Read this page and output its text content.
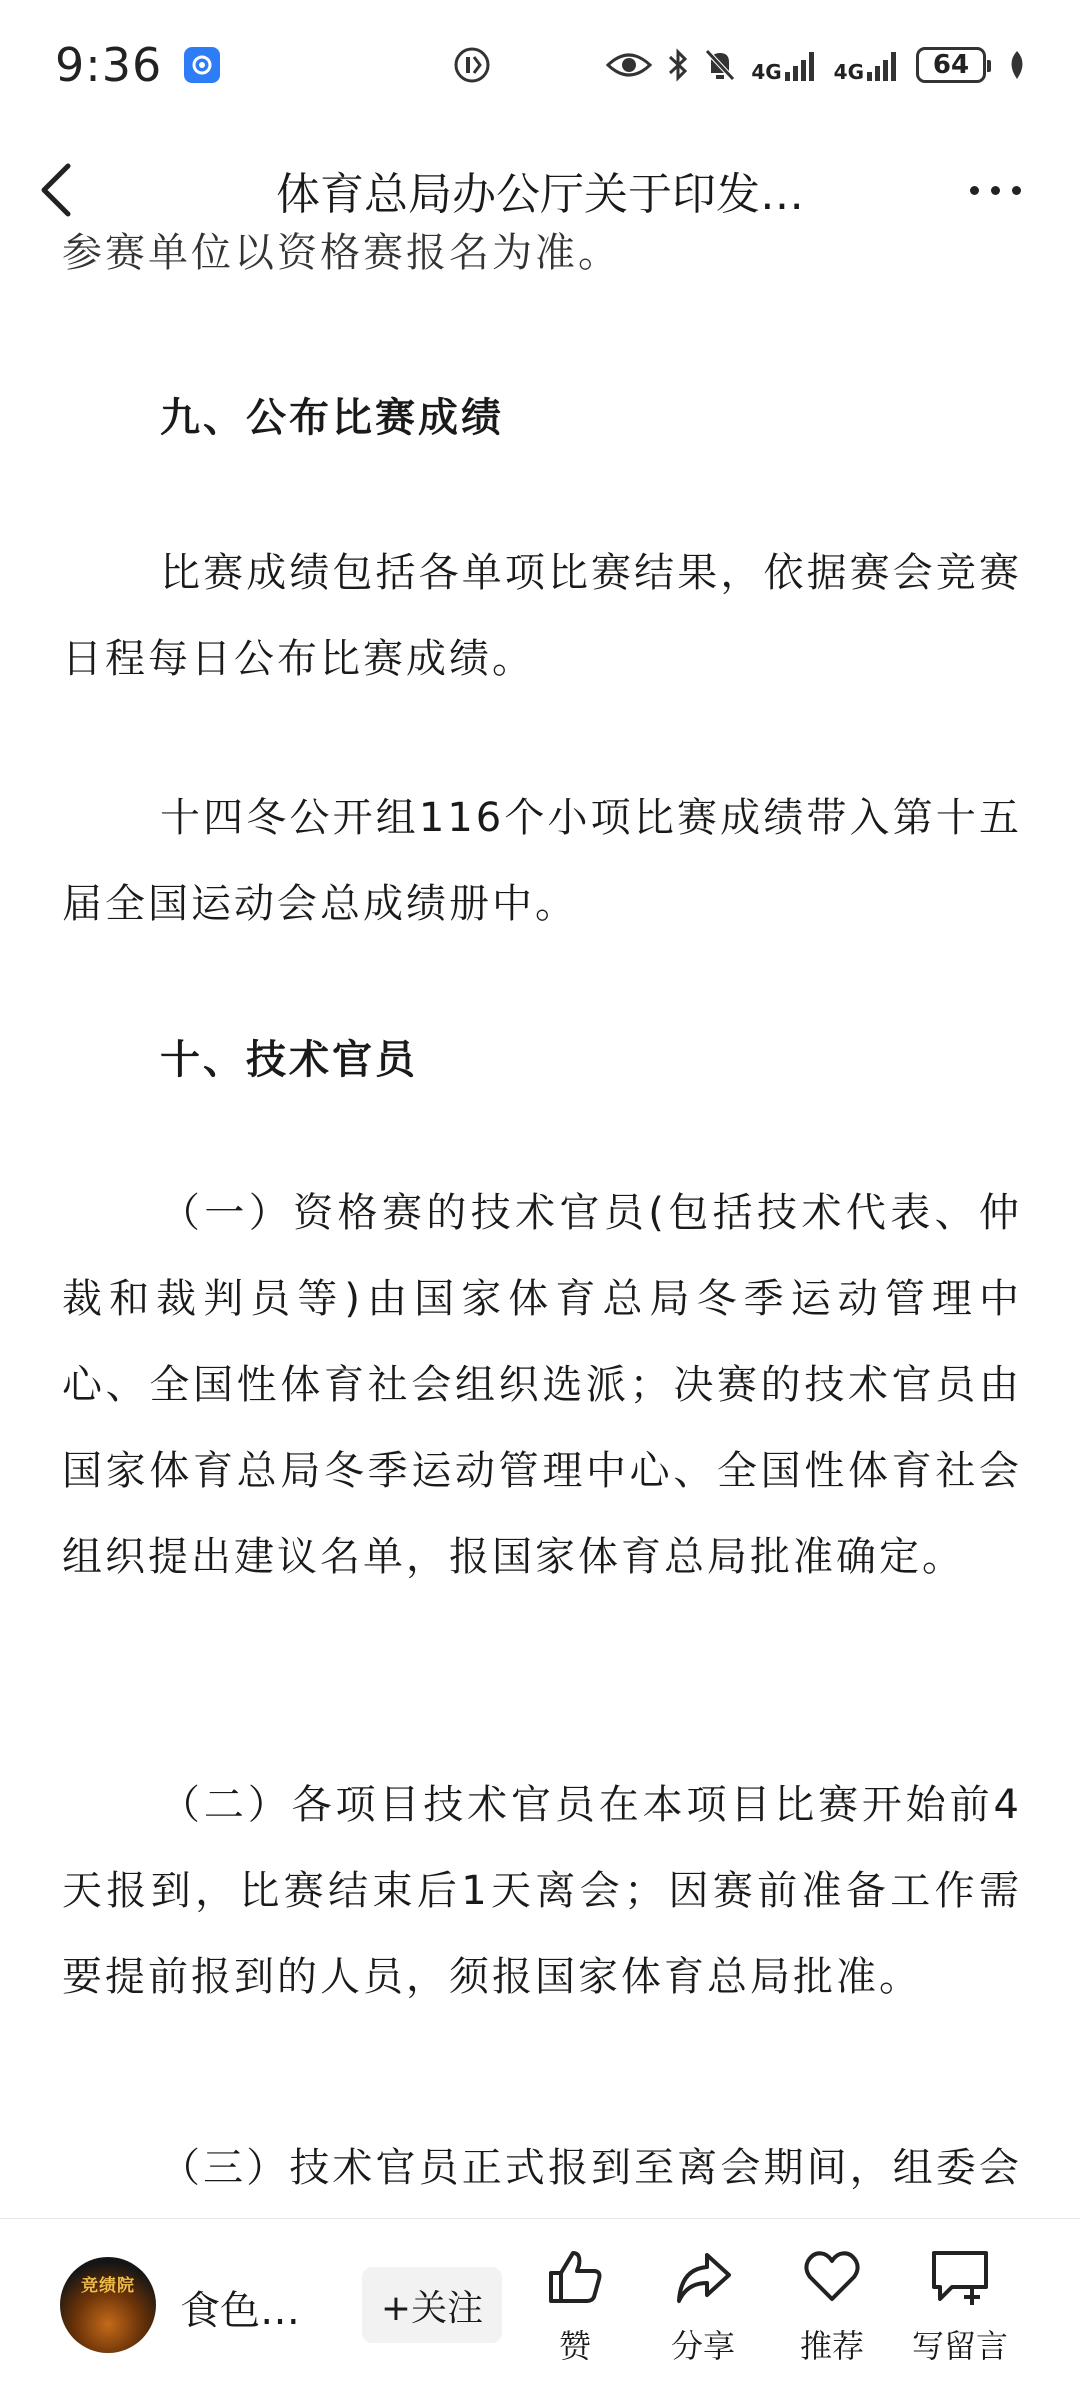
9:36	4G	4G	64
体育总局办公厅关于印发…
参赛单位以资格赛报名为准。
九、公布比赛成绩

比赛成绩包括各单项比赛结果，依据赛会竞赛日程每日公布比赛成绩。

十四冬公开组116个小项比赛成绩带入第十五届全国运动会总成绩册中。

十、技术官员

（一）资格赛的技术官员(包括技术代表、仲裁和裁判员等)由国家体育总局冬季运动管理中心、全国性体育社会组织选派；决赛的技术官员由国家体育总局冬季运动管理中心、全国性体育社会组织提出建议名单，报国家体育总局批准确定。

（二）各项目技术官员在本项目比赛开始前4天报到，比赛结束后1天离会；因赛前准备工作需要提前报到的人员，须报国家体育总局批准。

（三）技术官员正式报到至离会期间，组委会

竞绩院
食色…	+关注
赞	分享	推荐	写留言
